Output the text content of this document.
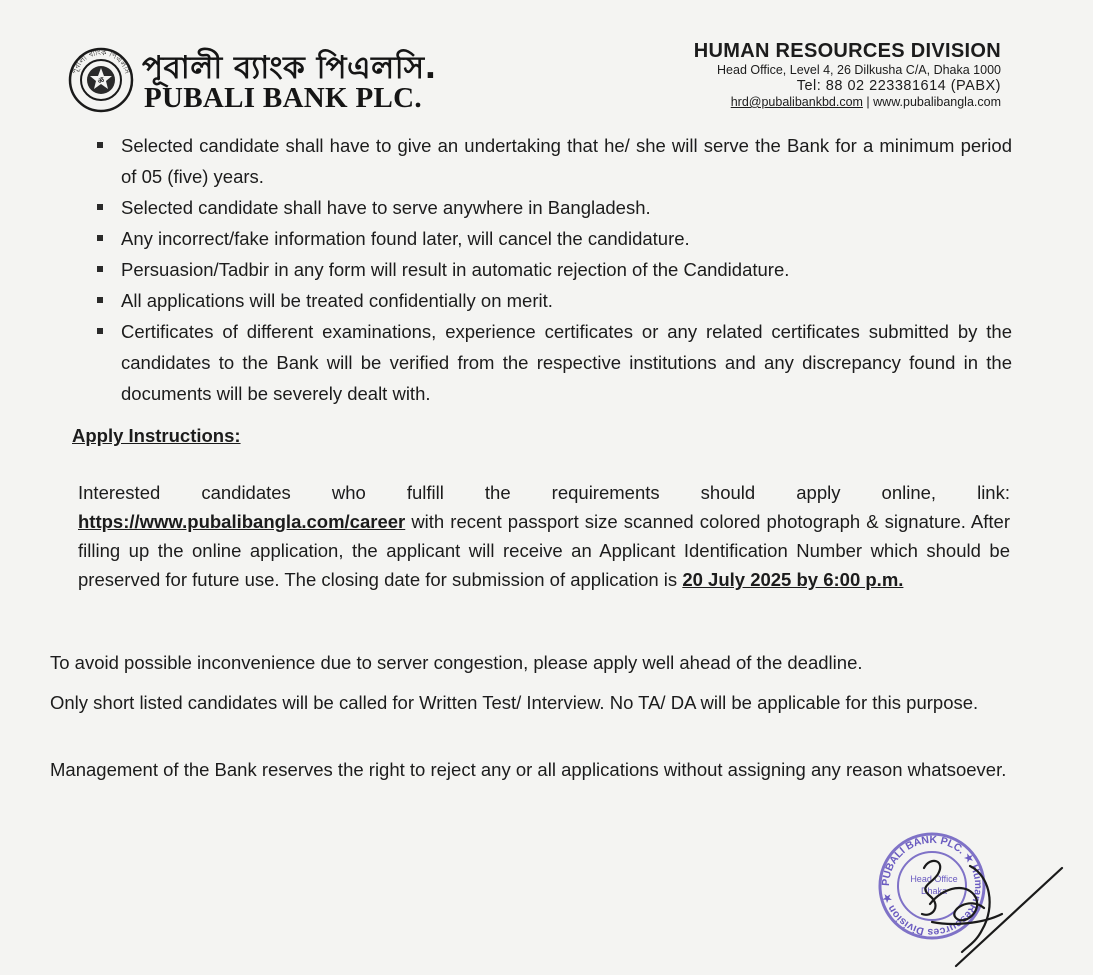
ॐ
পূবালী ব্যাংক পিএলসি পূবালী ব্যাংক পিএলসি.
PUBALI BANK PLC.
HUMAN RESOURCES DIVISION
Head Office, Level 4, 26 Dilkusha C/A, Dhaka 1000
Tel: 88 02 223381614 (PABX)
hrd@pubalibankbd.com | www.pubalibangla.com
Selected candidate shall have to give an undertaking that he/ she will serve the Bank for a minimum period of 05 (five) years.
Selected candidate shall have to serve anywhere in Bangladesh.
Any incorrect/fake information found later, will cancel the candidature.
Persuasion/Tadbir in any form will result in automatic rejection of the Candidature.
All applications will be treated confidentially on merit.
Certificates of different examinations, experience certificates or any related certificates submitted by the candidates to the Bank will be verified from the respective institutions and any discrepancy found in the documents will be severely dealt with.
Apply Instructions:
Interested candidates who fulfill the requirements should apply online, link: https://www.pubalibangla.com/career with recent passport size scanned colored photograph & signature. After filling up the online application, the applicant will receive an Applicant Identification Number which should be preserved for future use. The closing date for submission of application is 20 July 2025 by 6:00 p.m.
To avoid possible inconvenience due to server congestion, please apply well ahead of the deadline.
Only short listed candidates will be called for Written Test/ Interview. No TA/ DA will be applicable for this purpose.
Management of the Bank reserves the right to reject any or all applications without assigning any reason whatsoever.
PUBALI BANK PLC. ★ Human Resources Division ★
Head Office
Dhaka
